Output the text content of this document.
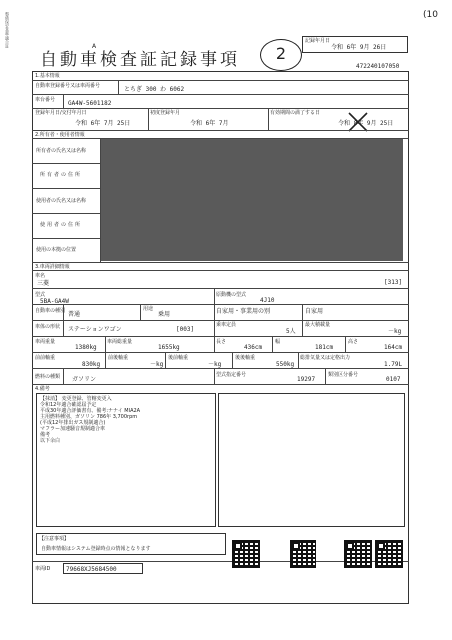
(10
整備保安基準適合証	A
自動車検査証記録事項	2
記録年月日
令和 6年 9月 26日
472240107050
1.基本情報
自動車登録番号又は車両番号	とちぎ 300 わ 6062
車台番号 GA4W-5601182
登録年月日/交付年月日
令和 6年 7月 25日
初度登録年月
令和 6年 7月
有効期間の満了する日
令和 8年 9月 25日
2.所有者・使用者情報
所有者の氏名又は名称
所有者の住所
使用者の氏名又は名称
使用者の住所
使用の本拠の位置
3.車両詳細情報
車名
三菱	[313]
型式
5BA-GA4W
原動機の型式
4J10
自動車の種別 普通
用途
乗用	自家用・事業用の別	自家用
車体の形状 ステーションワゴン	[003]
乗車定員
5人
最大積載量
－kg
車両重量
1380kg
車両総重量
1655kg
長さ
436cm
幅
181cm
高さ
164cm
前前軸重
830kg
前後軸重
－kg
後前軸重
－kg
後後軸重
550kg
総排気量又は定格出力
1.79L
燃料の種類 ガソリン
型式指定番号
19297
類別区分番号
0107
4.備考
【抹消】 変更登録、管轄変更入
令和12年適合確認届予定
平成30年適合評価書有、備考:ナナイ MIA2A
主用燃料種別、ガソリン 786年 3,700rpm
(平成12年排出ガス規制適合)
マフラー加速騒音規制適合車
備考
以下余白
【注意事項】
自動車情報はシステム登録時点の情報となります
車両ID	79668XJ5684500
